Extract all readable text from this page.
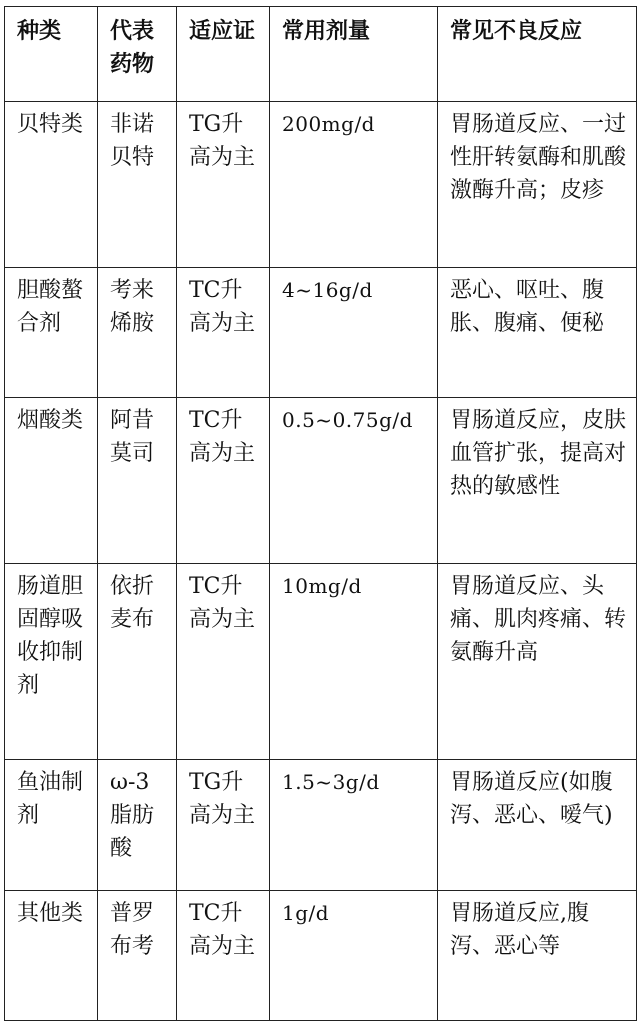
种类	代表药物	适应证	常用剂量	常见不良反应
贝特类	非诺贝特	TG升高为主	200mg/d	胃肠道反应、一过性肝转氨酶和肌酸激酶升高；皮疹
胆酸螯合剂	考来烯胺	TC升高为主	4~16g/d	恶心、呕吐、腹胀、腹痛、便秘
烟酸类	阿昔莫司	TC升高为主	0.5~0.75g/d	胃肠道反应，皮肤血管扩张，提高对热的敏感性
肠道胆固醇吸收抑制剂	依折麦布	TC升高为主	10mg/d	胃肠道反应、头痛、肌肉疼痛、转氨酶升高
鱼油制剂	ω-3脂肪酸	TG升高为主	1.5~3g/d	胃肠道反应(如腹泻、恶心、嗳气)
其他类	普罗布考	TC升高为主	1g/d	胃肠道反应,腹泻、恶心等
